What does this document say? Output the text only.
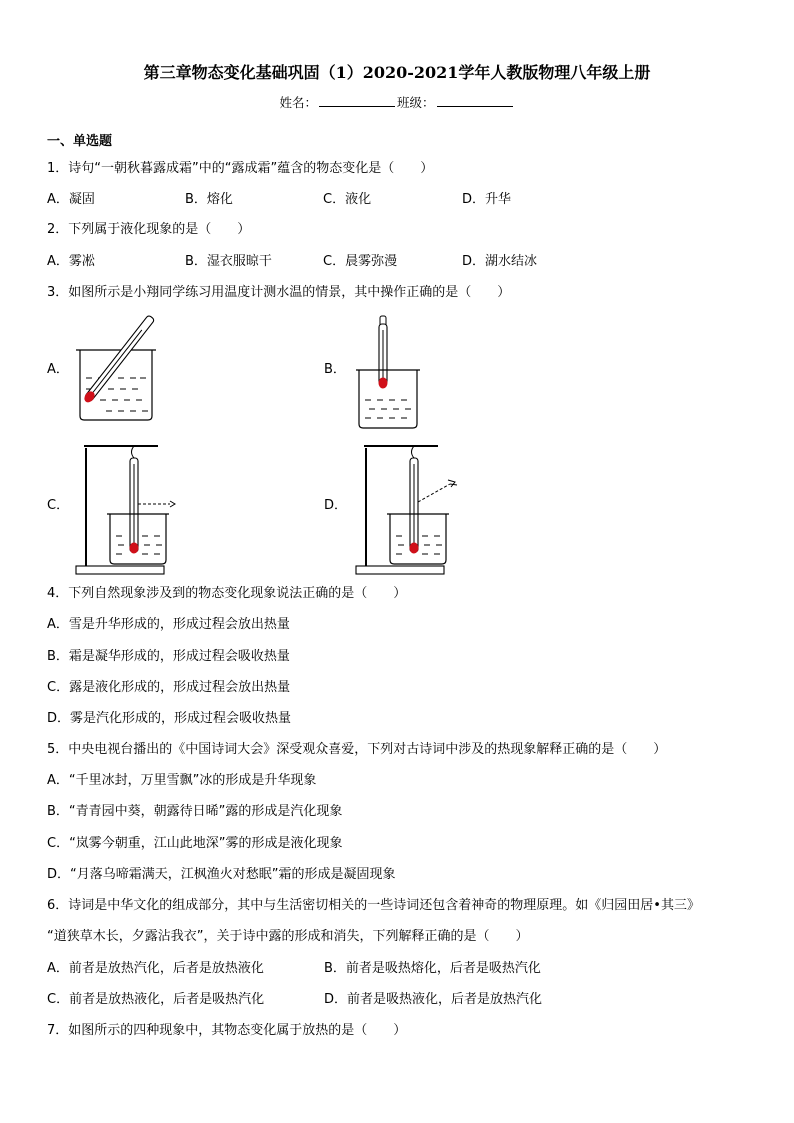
第三章物态变化基础巩固（1）2020-2021学年人教版物理八年级上册
姓名：	班级：
一、单选题
1．诗句“一朝秋暮露成霜”中的“露成霜”蕴含的物态变化是（　　）
A．凝固	B．熔化	C．液化	D．升华
2．下列属于液化现象的是（　　）
A．雾凇	B．湿衣服晾干	C．晨雾弥漫	D．湖水结冰
3．如图所示是小翔同学练习用温度计测水温的情景，其中操作正确的是（　　）
A．	B．
C．	D．
4．下列自然现象涉及到的物态变化现象说法正确的是（　　）
A．雪是升华形成的，形成过程会放出热量
B．霜是凝华形成的，形成过程会吸收热量
C．露是液化形成的，形成过程会放出热量
D．雾是汽化形成的，形成过程会吸收热量
5．中央电视台播出的《中国诗词大会》深受观众喜爱，下列对古诗词中涉及的热现象解释正确的是（　　）
A．“千里冰封，万里雪飘”冰的形成是升华现象
B．“青青园中葵，朝露待日晞”露的形成是汽化现象
C．“岚雾今朝重，江山此地深”雾的形成是液化现象
D．“月落乌啼霜满天，江枫渔火对愁眠”霜的形成是凝固现象
6．诗词是中华文化的组成部分，其中与生活密切相关的一些诗词还包含着神奇的物理原理。如《归园田居•其三》
“道狭草木长，夕露沾我衣”，关于诗中露的形成和消失，下列解释正确的是（　　）
A．前者是放热汽化，后者是放热液化	B．前者是吸热熔化，后者是吸热汽化
C．前者是放热液化，后者是吸热汽化	D．前者是吸热液化，后者是放热汽化
7．如图所示的四种现象中，其物态变化属于放热的是（　　）
